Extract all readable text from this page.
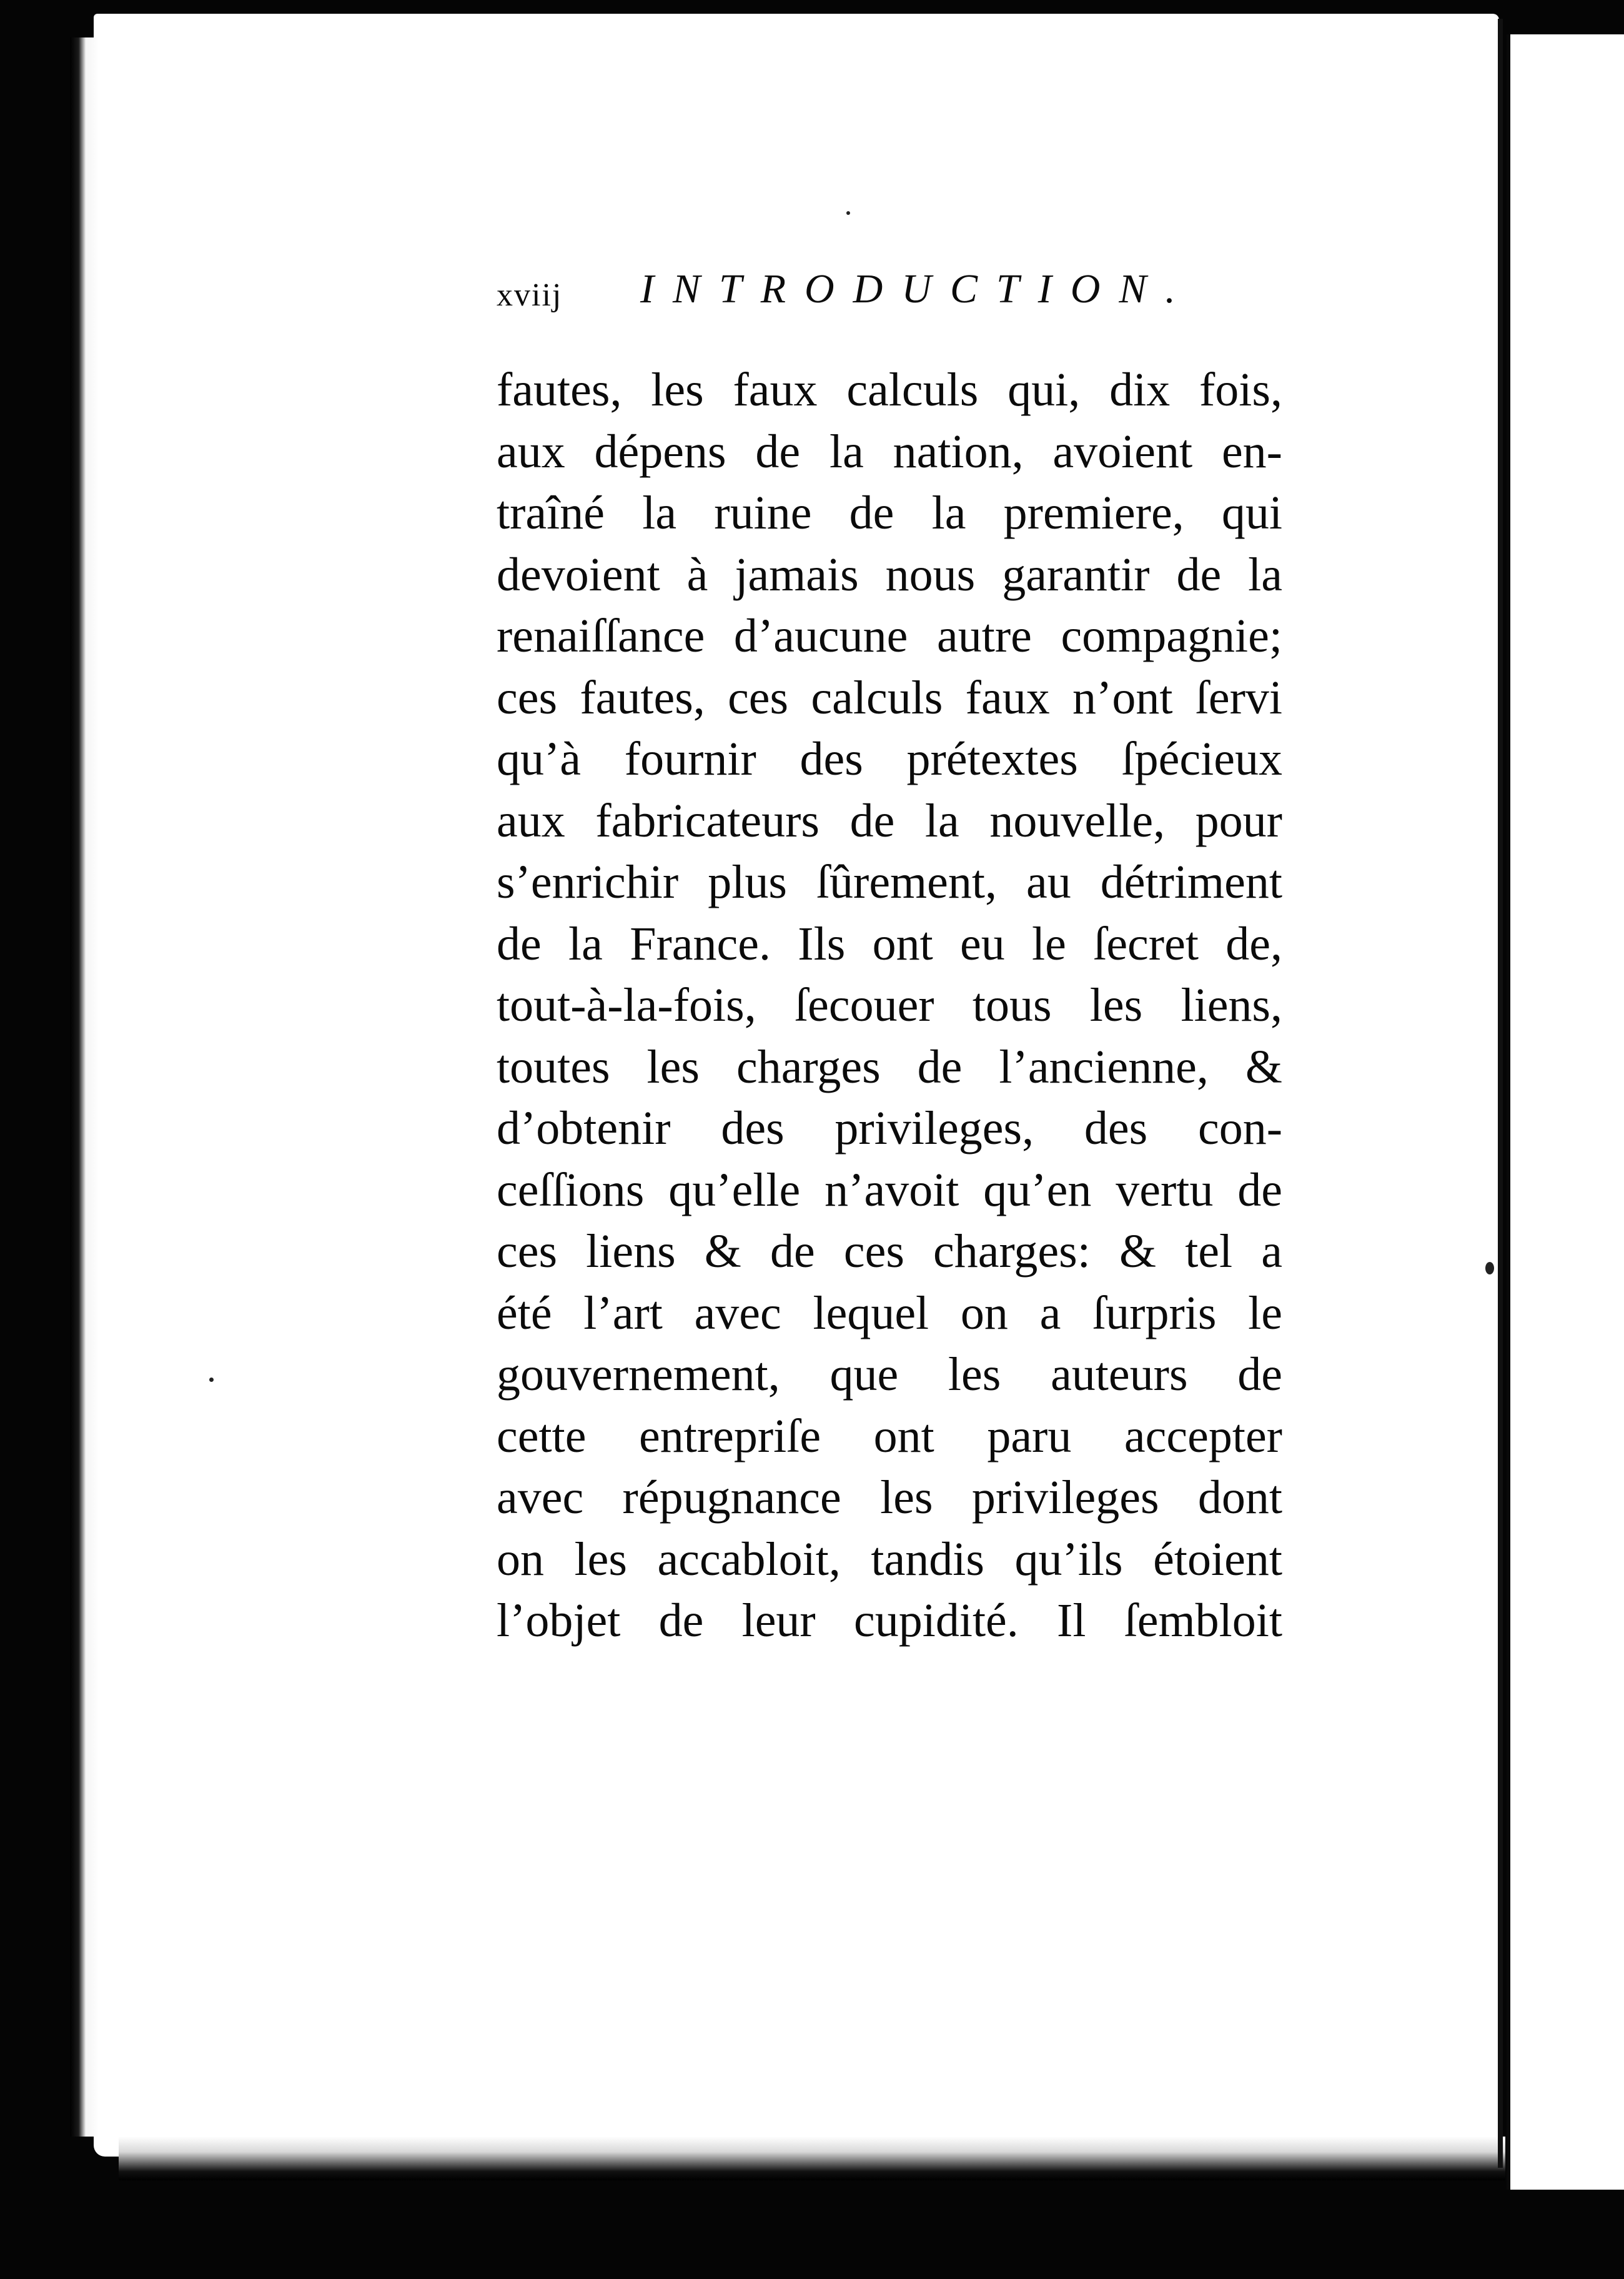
xviij INTRODUCTION.
fautes, les faux calculs qui, dix fois,
aux dépens de la nation, avoient en-
traîné la ruine de la premiere, qui
devoient à jamais nous garantir de la
renaiſſance d’aucune autre compagnie;
ces fautes, ces calculs faux n’ont ſervi
qu’à fournir des prétextes ſpécieux
aux fabricateurs de la nouvelle, pour
s’enrichir plus ſûrement, au détriment
de la France. Ils ont eu le ſecret de,
tout-à-la-fois, ſecouer tous les liens,
toutes les charges de l’ancienne, &
d’obtenir des privileges, des con-
ceſſions qu’elle n’avoit qu’en vertu de
ces liens & de ces charges: & tel a
été l’art avec lequel on a ſurpris le
gouvernement, que les auteurs de
cette entrepriſe ont paru accepter
avec répugnance les privileges dont
on les accabloit, tandis qu’ils étoient
l’objet de leur cupidité. Il ſembloit
